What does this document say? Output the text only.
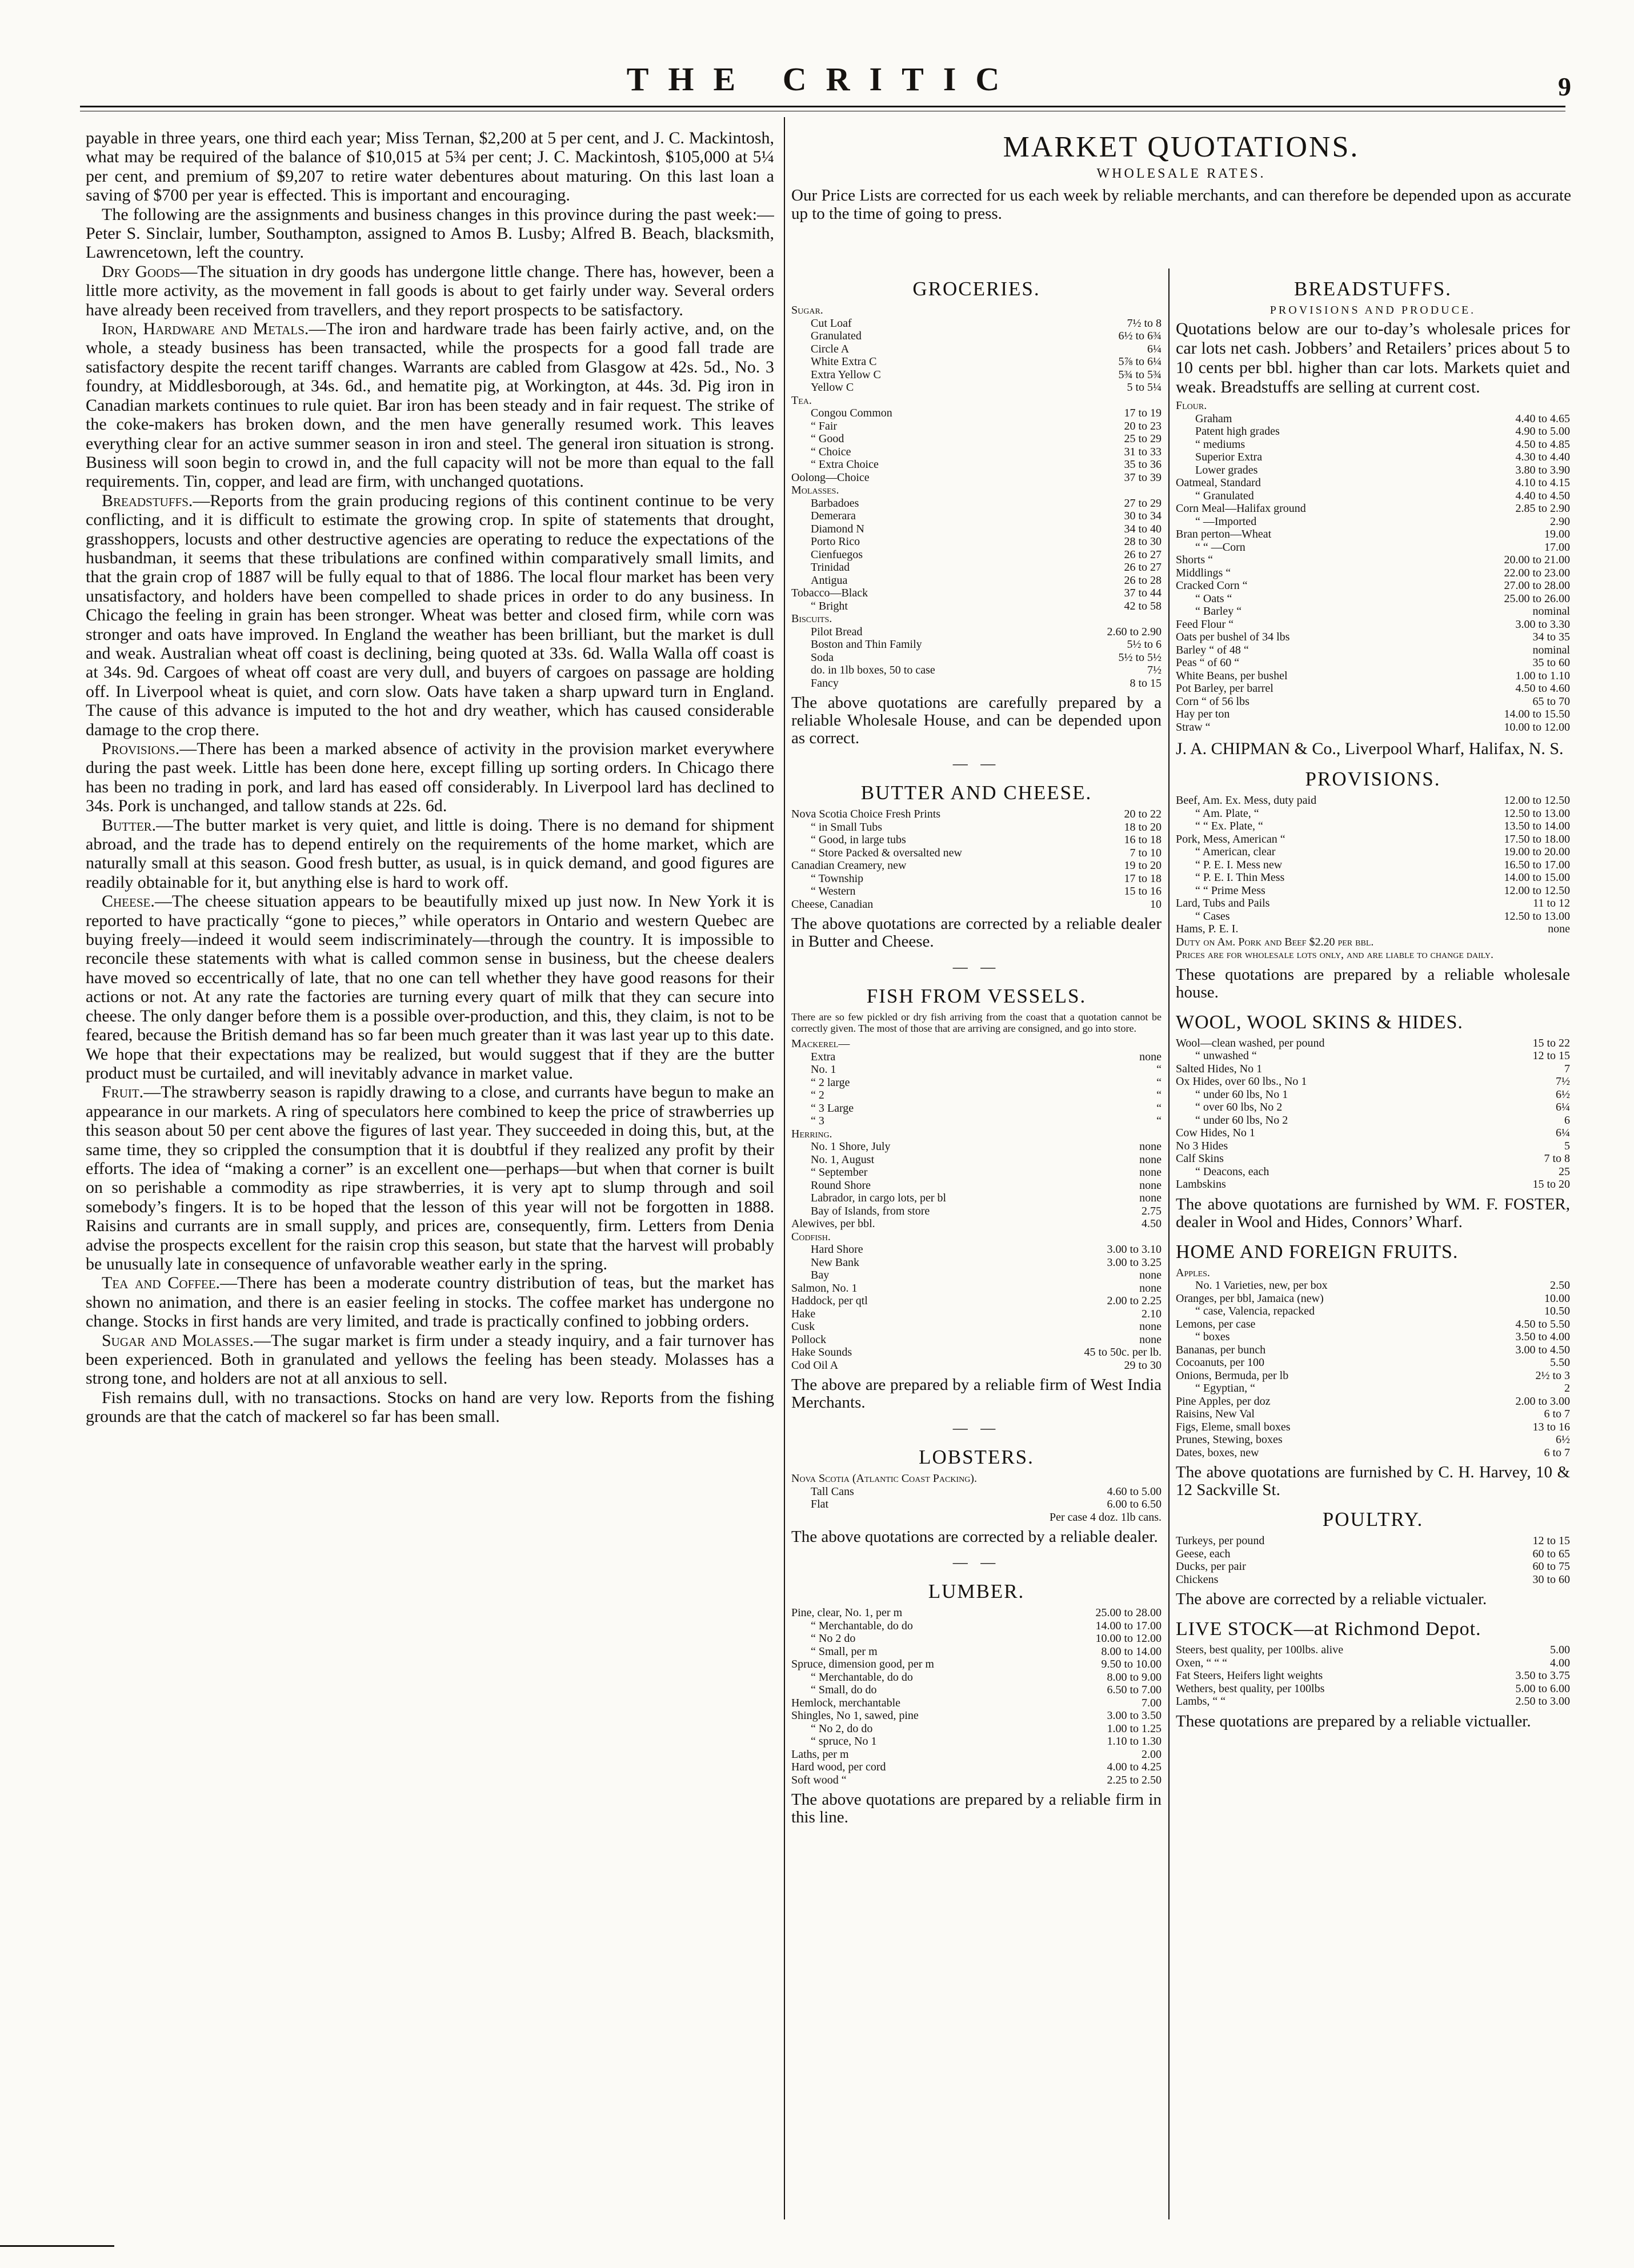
THE CRITIC	9

payable in three years, one third each year; Miss Ternan, $2,200 at 5 per cent, and J. C. Mackintosh, what may be required of the balance of $10,015 at 5¾ per cent; J. C. Mackintosh, $105,000 at 5¼ per cent, and premium of $9,207 to retire water debentures about maturing. On this last loan a saving of $700 per year is effected. This is important and encouraging.

The following are the assignments and business changes in this province during the past week:—Peter S. Sinclair, lumber, Southampton, assigned to Amos B. Lusby; Alfred B. Beach, blacksmith, Lawrencetown, left the country.

Dry Goods—The situation in dry goods has undergone little change. There has, however, been a little more activity, as the movement in fall goods is about to get fairly under way. Several orders have already been received from travellers, and they report prospects to be satisfactory.

Iron, Hardware and Metals.—The iron and hardware trade has been fairly active, and, on the whole, a steady business has been transacted, while the prospects for a good fall trade are satisfactory despite the recent tariff changes. Warrants are cabled from Glasgow at 42s. 5d., No. 3 foundry, at Middlesborough, at 34s. 6d., and hematite pig, at Workington, at 44s. 3d. Pig iron in Canadian markets continues to rule quiet. Bar iron has been steady and in fair request. The strike of the coke-makers has broken down, and the men have generally resumed work. This leaves everything clear for an active summer season in iron and steel. The general iron situation is strong. Business will soon begin to crowd in, and the full capacity will not be more than equal to the fall requirements. Tin, copper, and lead are firm, with unchanged quotations.

Breadstuffs.—Reports from the grain producing regions of this continent continue to be very conflicting, and it is difficult to estimate the growing crop. In spite of statements that drought, grasshoppers, locusts and other destructive agencies are operating to reduce the expectations of the husbandman, it seems that these tribulations are confined within comparatively small limits, and that the grain crop of 1887 will be fully equal to that of 1886. The local flour market has been very unsatisfactory, and holders have been compelled to shade prices in order to do any business. In Chicago the feeling in grain has been stronger. Wheat was better and closed firm, while corn was stronger and oats have improved. In England the weather has been brilliant, but the market is dull and weak. Australian wheat off coast is declining, being quoted at 33s. 6d. Walla Walla off coast is at 34s. 9d. Cargoes of wheat off coast are very dull, and buyers of cargoes on passage are holding off. In Liverpool wheat is quiet, and corn slow. Oats have taken a sharp upward turn in England. The cause of this advance is imputed to the hot and dry weather, which has caused considerable damage to the crop there.

Provisions.—There has been a marked absence of activity in the provision market everywhere during the past week. Little has been done here, except filling up sorting orders. In Chicago there has been no trading in pork, and lard has eased off considerably. In Liverpool lard has declined to 34s. Pork is unchanged, and tallow stands at 22s. 6d.

Butter.—The butter market is very quiet, and little is doing. There is no demand for shipment abroad, and the trade has to depend entirely on the requirements of the home market, which are naturally small at this season. Good fresh butter, as usual, is in quick demand, and good figures are readily obtainable for it, but anything else is hard to work off.

Cheese.—The cheese situation appears to be beautifully mixed up just now. In New York it is reported to have practically “gone to pieces,” while operators in Ontario and western Quebec are buying freely—indeed it would seem indiscriminately—through the country. It is impossible to reconcile these statements with what is called common sense in business, but the cheese dealers have moved so eccentrically of late, that no one can tell whether they have good reasons for their actions or not. At any rate the factories are turning every quart of milk that they can secure into cheese. The only danger before them is a possible over-production, and this, they claim, is not to be feared, because the British demand has so far been much greater than it was last year up to this date. We hope that their expectations may be realized, but would suggest that if they are the butter product must be curtailed, and will inevitably advance in market value.

Fruit.—The strawberry season is rapidly drawing to a close, and currants have begun to make an appearance in our markets. A ring of speculators here combined to keep the price of strawberries up this season about 50 per cent above the figures of last year. They succeeded in doing this, but, at the same time, they so crippled the consumption that it is doubtful if they realized any profit by their efforts. The idea of “making a corner” is an excellent one—perhaps—but when that corner is built on so perishable a commodity as ripe strawberries, it is very apt to slump through and soil somebody’s fingers. It is to be hoped that the lesson of this year will not be forgotten in 1888. Raisins and currants are in small supply, and prices are, consequently, firm. Letters from Denia advise the prospects excellent for the raisin crop this season, but state that the harvest will probably be unusually late in consequence of unfavorable weather early in the spring.

Tea and Coffee.—There has been a moderate country distribution of teas, but the market has shown no animation, and there is an easier feeling in stocks. The coffee market has undergone no change. Stocks in first hands are very limited, and trade is practically confined to jobbing orders.

Sugar and Molasses.—The sugar market is firm under a steady inquiry, and a fair turnover has been experienced. Both in granulated and yellows the feeling has been steady. Molasses has a strong tone, and holders are not at all anxious to sell.

Fish remains dull, with no transactions. Stocks on hand are very low. Reports from the fishing grounds are that the catch of mackerel so far has been small.

MARKET QUOTATIONS.
WHOLESALE RATES.
Our Price Lists are corrected for us each week by reliable merchants, and can therefore be depended upon as accurate up to the time of going to press.
GROCERIES.
Sugar.	
Cut Loaf	7½ to 8
Granulated	6½ to 6¾
Circle A	6¼
White Extra C	5⅞ to 6¼
Extra Yellow C	5¾ to 5¾
Yellow C	5 to 5¼
Tea.	
Congou Common	17 to 19
“ Fair	20 to 23
“ Good	25 to 29
“ Choice	31 to 33
“ Extra Choice	35 to 36
Oolong—Choice	37 to 39
Molasses.	
Barbadoes	27 to 29
Demerara	30 to 34
Diamond N	34 to 40
Porto Rico	28 to 30
Cienfuegos	26 to 27
Trinidad	26 to 27
Antigua	26 to 28
Tobacco—Black	37 to 44
“ Bright	42 to 58
Biscuits.	
Pilot Bread	2.60 to 2.90
Boston and Thin Family	5½ to 6
Soda	5½ to 5½
do. in 1lb boxes, 50 to case	7½
Fancy	8 to 15
The above quotations are carefully prepared by a reliable Wholesale House, and can be depended upon as correct.
— —
BUTTER AND CHEESE.
Nova Scotia Choice Fresh Prints	20 to 22
“ in Small Tubs	18 to 20
“ Good, in large tubs	16 to 18
“ Store Packed & oversalted new	7 to 10
Canadian Creamery, new	19 to 20
“ Township	17 to 18
“ Western	15 to 16
Cheese, Canadian	10
The above quotations are corrected by a reliable dealer in Butter and Cheese.
— —
FISH FROM VESSELS.
There are so few pickled or dry fish arriving from the coast that a quotation cannot be correctly given. The most of those that are arriving are consigned, and go into store.
Mackerel—	
Extra	none
No. 1	“
“ 2 large	“
“ 2	“
“ 3 Large	“
“ 3	“
Herring.	
No. 1 Shore, July	none
No. 1, August	none
“ September	none
Round Shore	none
Labrador, in cargo lots, per bl	none
Bay of Islands, from store	2.75
Alewives, per bbl.	4.50
Codfish.	
Hard Shore	3.00 to 3.10
New Bank	3.00 to 3.25
Bay	none
Salmon, No. 1	none
Haddock, per qtl	2.00 to 2.25
Hake	2.10
Cusk	none
Pollock	none
Hake Sounds	45 to 50c. per lb.
Cod Oil A	29 to 30
The above are prepared by a reliable firm of West India Merchants.
— —
LOBSTERS.
Nova Scotia (Atlantic Coast Packing).	
Tall Cans	4.60 to 5.00
Flat	6.00 to 6.50
	Per case 4 doz. 1lb cans.
The above quotations are corrected by a reliable dealer.
— —
LUMBER.
Pine, clear, No. 1, per m	25.00 to 28.00
“ Merchantable, do do	14.00 to 17.00
“ No 2 do	10.00 to 12.00
“ Small, per m	8.00 to 14.00
Spruce, dimension good, per m	9.50 to 10.00
“ Merchantable, do do	8.00 to 9.00
“ Small, do do	6.50 to 7.00
Hemlock, merchantable	7.00
Shingles, No 1, sawed, pine	3.00 to 3.50
“ No 2, do do	1.00 to 1.25
“ spruce, No 1	1.10 to 1.30
Laths, per m	2.00
Hard wood, per cord	4.00 to 4.25
Soft wood “	2.25 to 2.50
The above quotations are prepared by a reliable firm in this line.
BREADSTUFFS.
PROVISIONS AND PRODUCE.
Quotations below are our to-day’s wholesale prices for car lots net cash. Jobbers’ and Retailers’ prices about 5 to 10 cents per bbl. higher than car lots. Markets quiet and weak. Breadstuffs are selling at current cost.
Flour.	
Graham	4.40 to 4.65
Patent high grades	4.90 to 5.00
“ mediums	4.50 to 4.85
Superior Extra	4.30 to 4.40
Lower grades	3.80 to 3.90
Oatmeal, Standard	4.10 to 4.15
“ Granulated	4.40 to 4.50
Corn Meal—Halifax ground	2.85 to 2.90
“ —Imported	2.90
Bran perton—Wheat	19.00
“ “ —Corn	17.00
Shorts “	20.00 to 21.00
Middlings “	22.00 to 23.00
Cracked Corn “	27.00 to 28.00
“ Oats “	25.00 to 26.00
“ Barley “	nominal
Feed Flour “	3.00 to 3.30
Oats per bushel of 34 lbs	34 to 35
Barley “ of 48 “	nominal
Peas “ of 60 “	35 to 60
White Beans, per bushel	1.00 to 1.10
Pot Barley, per barrel	4.50 to 4.60
Corn “ of 56 lbs	65 to 70
Hay per ton	14.00 to 15.50
Straw “	10.00 to 12.00
J. A. CHIPMAN & Co., Liverpool Wharf, Halifax, N. S.
PROVISIONS.
Beef, Am. Ex. Mess, duty paid	12.00 to 12.50
“ Am. Plate, “	12.50 to 13.00
“ “ Ex. Plate, “	13.50 to 14.00
Pork, Mess, American “	17.50 to 18.00
“ American, clear	19.00 to 20.00
“ P. E. I. Mess new	16.50 to 17.00
“ P. E. I. Thin Mess	14.00 to 15.00
“ “ Prime Mess	12.00 to 12.50
Lard, Tubs and Pails	11 to 12
“ Cases	12.50 to 13.00
Hams, P. E. I.	none
Duty on Am. Pork and Beef $2.20 per bbl.	
Prices are for wholesale lots only, and are liable to change daily.	
These quotations are prepared by a reliable wholesale house.
WOOL, WOOL SKINS & HIDES.
Wool—clean washed, per pound	15 to 22
“ unwashed “	12 to 15
Salted Hides, No 1	7
Ox Hides, over 60 lbs., No 1	7½
“ under 60 lbs, No 1	6½
“ over 60 lbs, No 2	6¼
“ under 60 lbs, No 2	6
Cow Hides, No 1	6¼
No 3 Hides	5
Calf Skins	7 to 8
“ Deacons, each	25
Lambskins	15 to 20
The above quotations are furnished by WM. F. FOSTER, dealer in Wool and Hides, Connors’ Wharf.
HOME AND FOREIGN FRUITS.
Apples.	
No. 1 Varieties, new, per box	2.50
Oranges, per bbl, Jamaica (new)	10.00
“ case, Valencia, repacked	10.50
Lemons, per case	4.50 to 5.50
“ boxes	3.50 to 4.00
Bananas, per bunch	3.00 to 4.50
Cocoanuts, per 100	5.50
Onions, Bermuda, per lb	2½ to 3
“ Egyptian, “	2
Pine Apples, per doz	2.00 to 3.00
Raisins, New Val	6 to 7
Figs, Eleme, small boxes	13 to 16
Prunes, Stewing, boxes	6½
Dates, boxes, new	6 to 7
The above quotations are furnished by C. H. Harvey, 10 & 12 Sackville St.
POULTRY.
Turkeys, per pound	12 to 15
Geese, each	60 to 65
Ducks, per pair	60 to 75
Chickens	30 to 60
The above are corrected by a reliable victualer.
LIVE STOCK—at Richmond Depot.
Steers, best quality, per 100lbs. alive	5.00
Oxen, “ “ “	4.00
Fat Steers, Heifers light weights	3.50 to 3.75
Wethers, best quality, per 100lbs	5.00 to 6.00
Lambs, “ “	2.50 to 3.00
These quotations are prepared by a reliable victualler.
